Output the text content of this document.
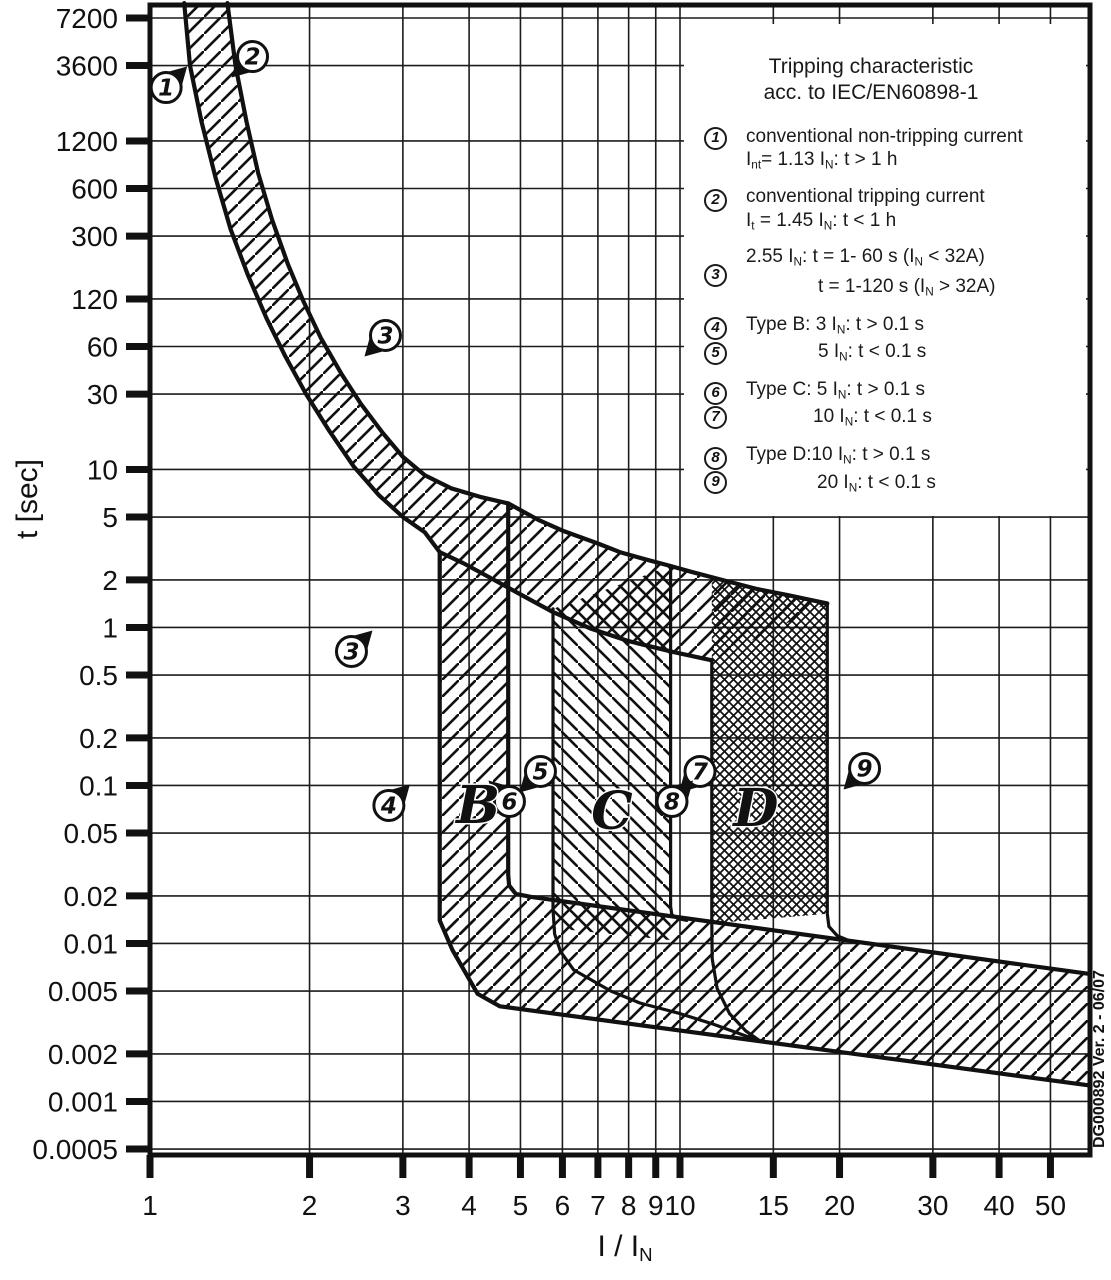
7200
3600
1200
600
300
120
60
30
10
5
2
1
0.5
0.2
0.1
0.05
0.02
0.01
0.005
0.002
0.001
0.0005
1	2	3 4 5 6 7 8 9 10 15 20 30 40 50
1
2
3
3
4
5
6
7
8
9
B C D
DG000892 Ver. 2 - 06/07
Tripping characteristic
acc. to IEC/EN60898-1
1	conventional non-tripping current
$I_{nt}= 1.13$ $I_N$: t > 1 h
2	conventional tripping current
$I_t = 1.45$ $I_N$: t < 1 h
3
2.55 $I_N$: t = 1- 60 s $(I_N < 32A)$
t = 1-120 s $(I_N > 32A)$
4	Type B: 3 $I_N$: t > 0.1 s
5	5 $I_N$: t < 0.1 s
6	Type C: 5 $I_N$: t > 0.1 s
7	10 $I_N$: t < 0.1 s
8	Type D:10 $I_N$: t > 0.1 s
9	20 $I_N$: t < 0.1 s
t [sec]
I / $I_N$
